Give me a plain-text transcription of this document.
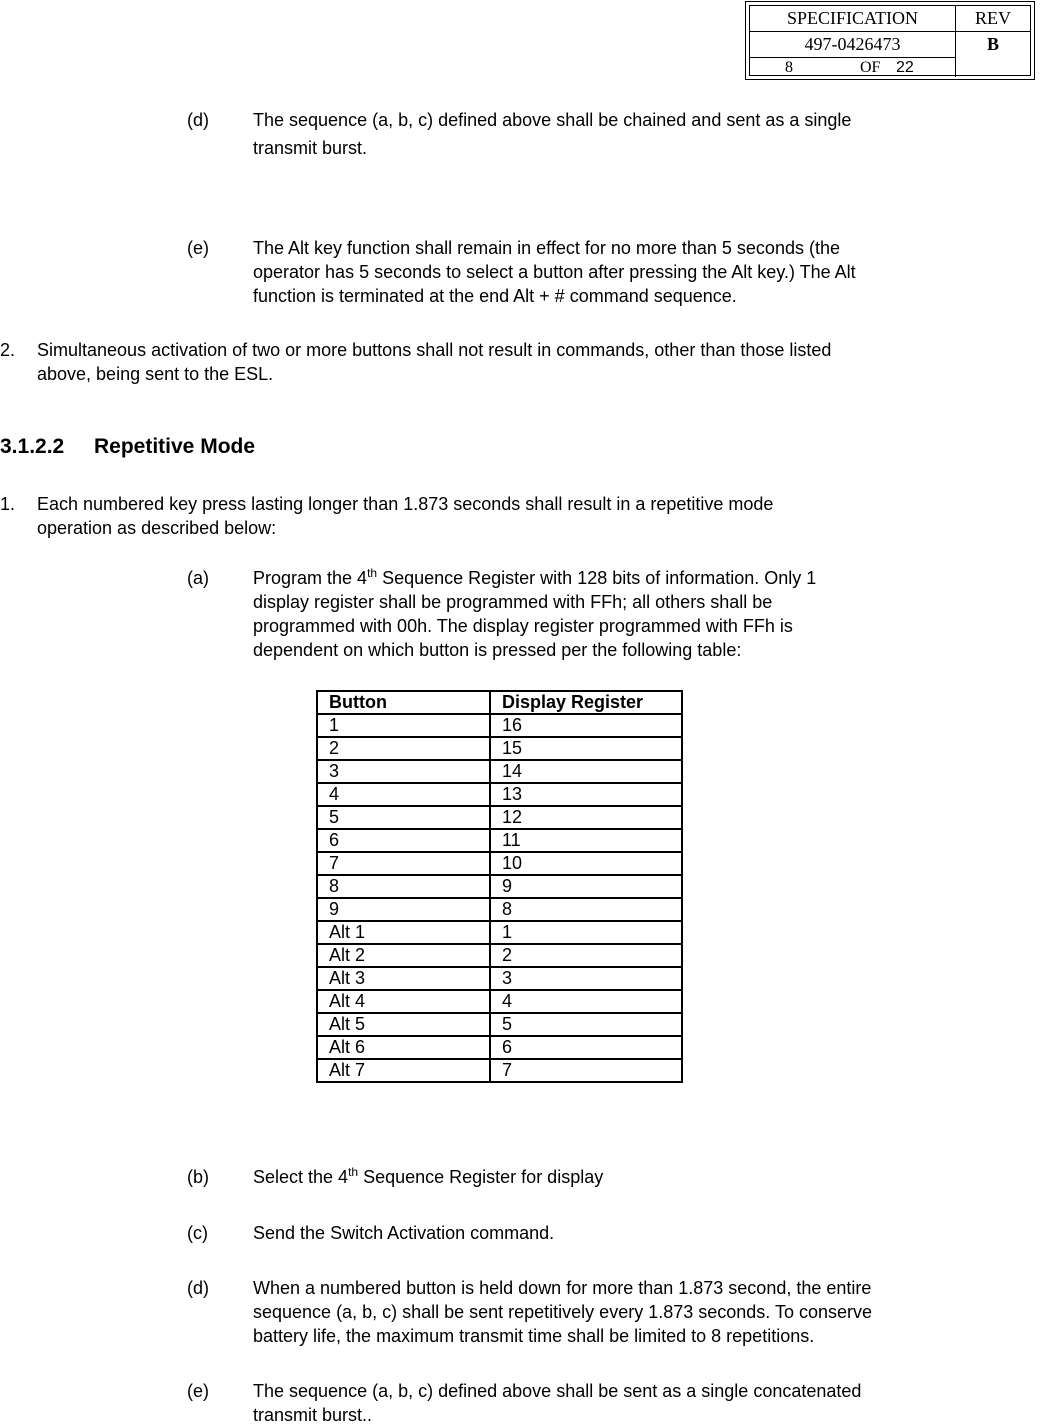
SPECIFICATION
497-0426473
8	OF 22
REV
B
(d) The sequence (a, b, c) defined above shall be chained and sent as a single
transmit burst.
(e) The Alt key function shall remain in effect for no more than 5 seconds (the
operator has 5 seconds to select a button after pressing the Alt key.) The Alt
function is terminated at the end Alt + # command sequence.
2. Simultaneous activation of two or more buttons shall not result in commands, other than those listed
above, being sent to the ESL.
3.1.2.2 Repetitive Mode
1. Each numbered key press lasting longer than 1.873 seconds shall result in a repetitive mode
operation as described below:
(a) Program the 4th Sequence Register with 128 bits of information. Only 1
display register shall be programmed with FFh; all others shall be
programmed with 00h. The display register programmed with FFh is
dependent on which button is pressed per the following table:
Button	Display Register
1	16
2	15
3	14
4	13
5	12
6	11
7	10
8	9
9	8
Alt 1	1
Alt 2	2
Alt 3	3
Alt 4	4
Alt 5	5
Alt 6	6
Alt 7	7
(b) Select the 4th Sequence Register for display
(c)	Send the Switch Activation command.
(d) When a numbered button is held down for more than 1.873 second, the entire
sequence (a, b, c) shall be sent repetitively every 1.873 seconds. To conserve
battery life, the maximum transmit time shall be limited to 8 repetitions.
(e) The sequence (a, b, c) defined above shall be sent as a single concatenated
transmit burst..
